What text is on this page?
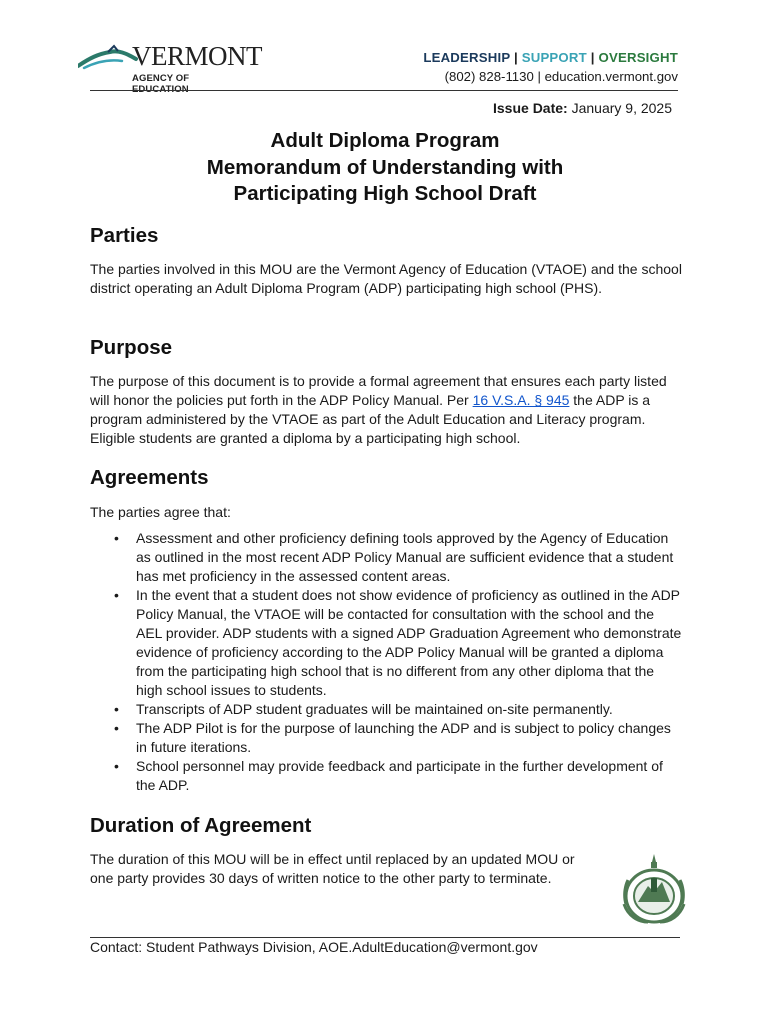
VERMONT
AGENCY OF EDUCATION
LEADERSHIP | SUPPORT | OVERSIGHT
(802) 828-1130 | education.vermont.gov
Issue Date: January 9, 2025
Adult Diploma Program
Memorandum of Understanding with
Participating High School Draft
Parties
The parties involved in this MOU are the Vermont Agency of Education (VTAOE) and the school district operating an Adult Diploma Program (ADP) participating high school (PHS).
Purpose
The purpose of this document is to provide a formal agreement that ensures each party listed will honor the policies put forth in the ADP Policy Manual. Per 16 V.S.A. § 945 the ADP is a program administered by the VTAOE as part of the Adult Education and Literacy program. Eligible students are granted a diploma by a participating high school.
Agreements
The parties agree that:
• Assessment and other proficiency defining tools approved by the Agency of Education as outlined in the most recent ADP Policy Manual are sufficient evidence that a student has met proficiency in the assessed content areas.
• In the event that a student does not show evidence of proficiency as outlined in the ADP Policy Manual, the VTAOE will be contacted for consultation with the school and the AEL provider. ADP students with a signed ADP Graduation Agreement who demonstrate evidence of proficiency according to the ADP Policy Manual will be granted a diploma from the participating high school that is no different from any other diploma that the high school issues to students.
• Transcripts of ADP student graduates will be maintained on-site permanently.
• The ADP Pilot is for the purpose of launching the ADP and is subject to policy changes in future iterations.
• School personnel may provide feedback and participate in the further development of the ADP.
Duration of Agreement
The duration of this MOU will be in effect until replaced by an updated MOU or one party provides 30 days of written notice to the other party to terminate.
Contact: Student Pathways Division, AOE.AdultEducation@vermont.gov
